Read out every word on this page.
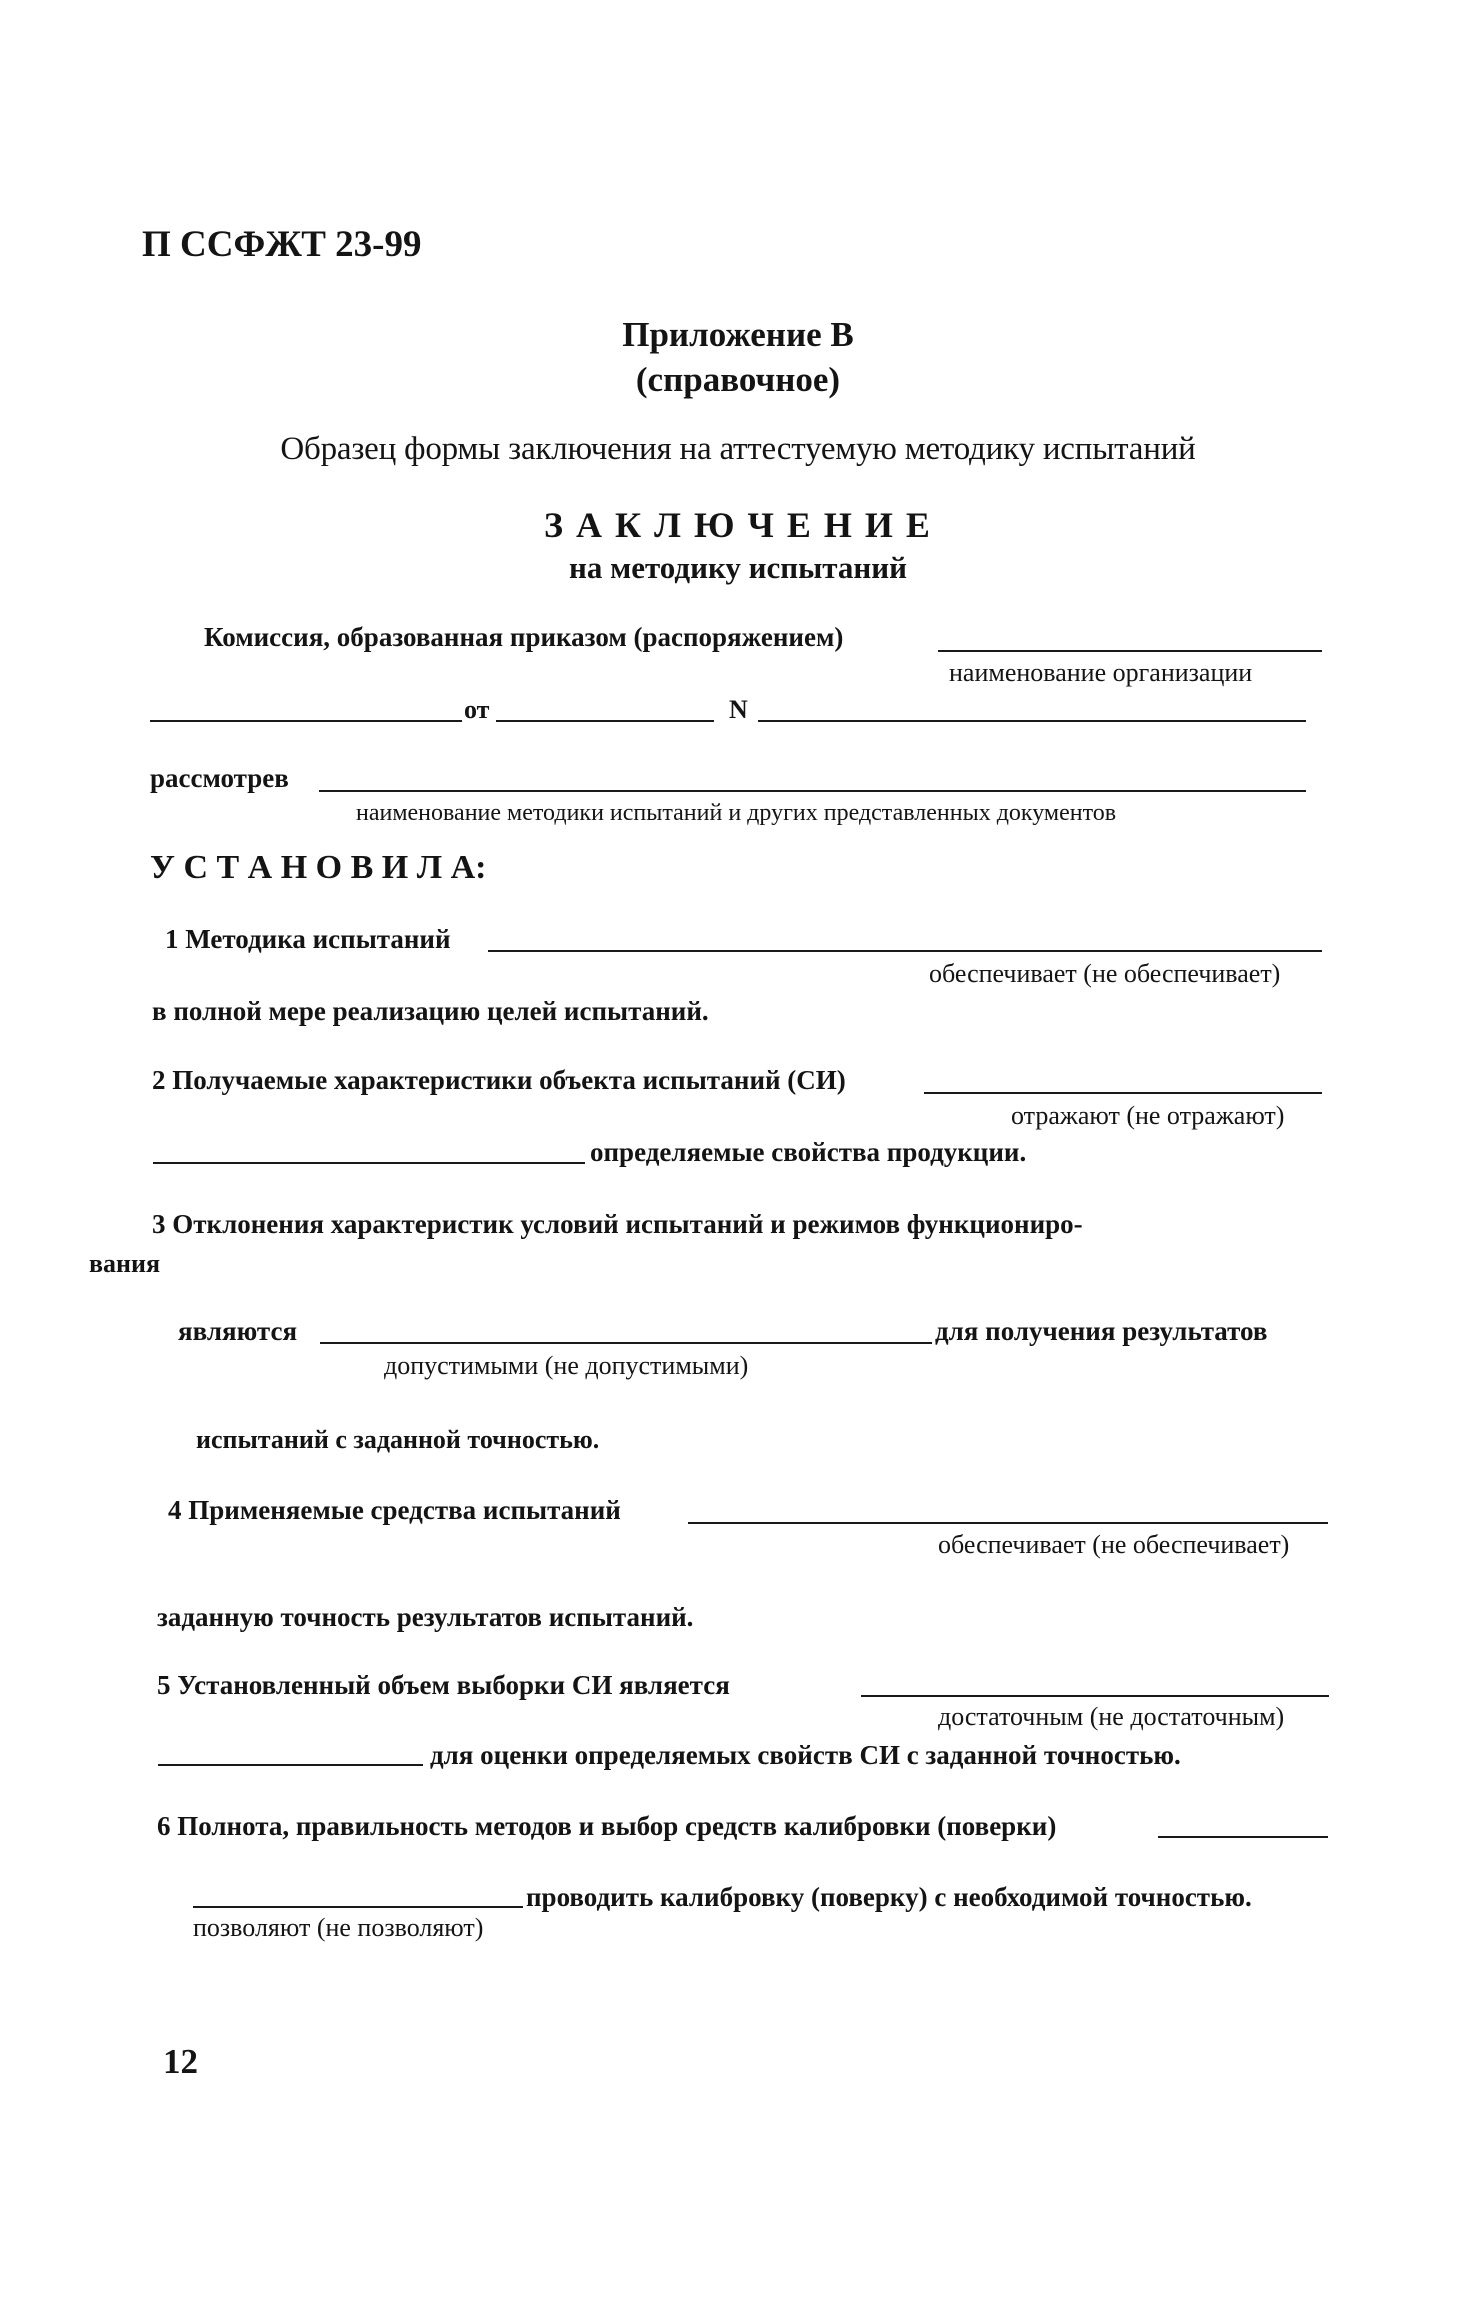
П ССФЖТ 23-99
Приложение В
(справочное)
Образец формы заключения на аттестуемую методику испытаний
З А К Л Ю Ч Е Н И Е
на методику испытаний
Комиссия, образованная приказом (распоряжением)
наименование организации
от	N
рассмотрев
наименование методики испытаний и других представленных документов
У С Т А Н О В И Л А:
1 Методика испытаний
обеспечивает (не обеспечивает)
в полной мере реализацию целей испытаний.
2 Получаемые характеристики объекта испытаний (СИ)
отражают (не отражают)
определяемые свойства продукции.
3 Отклонения характеристик условий испытаний и режимов функциониро-
вания
являются	для получения результатов
допустимыми (не допустимыми)
испытаний с заданной точностью.
4 Применяемые средства испытаний
обеспечивает (не обеспечивает)
заданную точность результатов испытаний.
5 Установленный объем выборки СИ является
достаточным (не достаточным)
для оценки определяемых свойств СИ с заданной точностью.
6 Полнота, правильность методов и выбор средств калибровки (поверки)
проводить калибровку (поверку) с необходимой точностью.
позволяют (не позволяют)
12
